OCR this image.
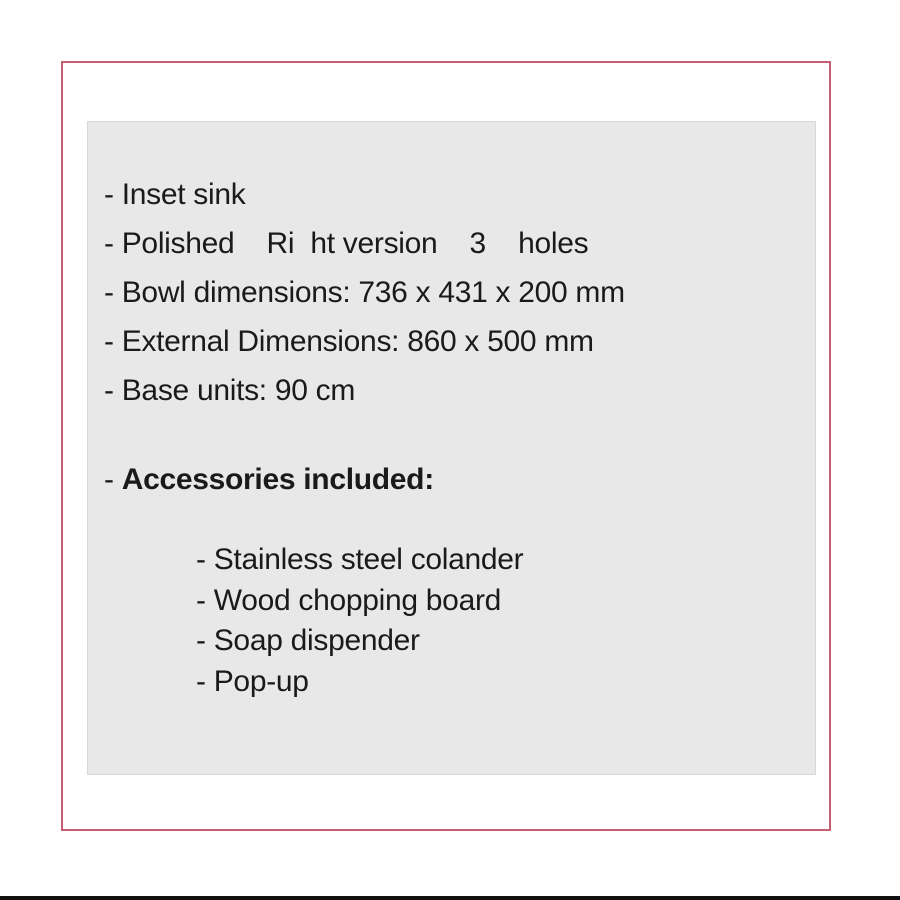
- Inset sink
- Polished    Ri  ht version    3    holes
- Bowl dimensions: 736 x 431 x 200 mm
- External Dimensions: 860 x 500 mm
- Base units: 90 cm

- Accessories included:

- Stainless steel colander
- Wood chopping board
- Soap dispender
- Pop-up
